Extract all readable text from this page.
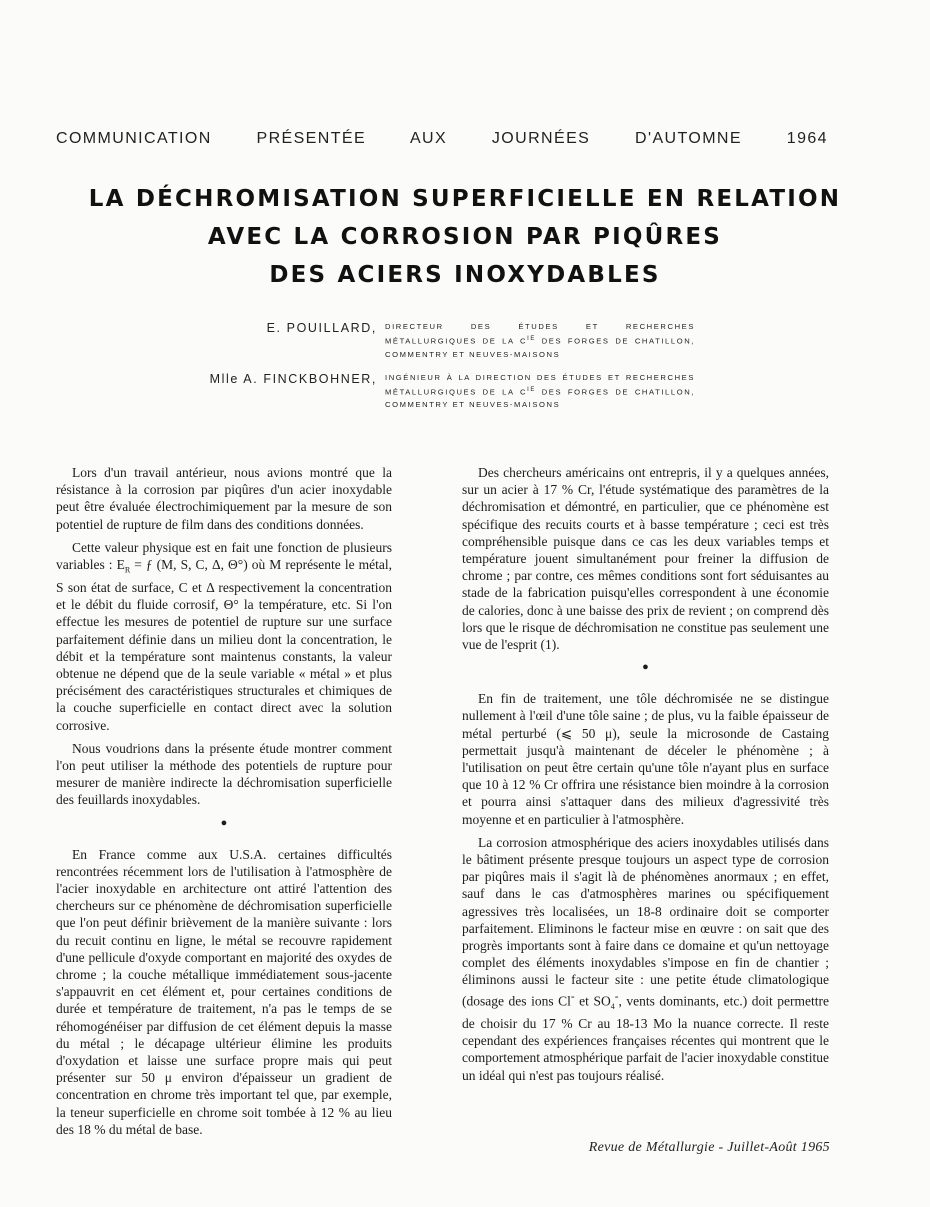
COMMUNICATION PRÉSENTÉE AUX JOURNÉES D'AUTOMNE 1964
LA DÉCHROMISATION SUPERFICIELLE EN RELATION
AVEC LA CORROSION PAR PIQÛRES
DES ACIERS INOXYDABLES
E. POUILLARD,	DIRECTEUR DES ÉTUDES ET RECHERCHES MÉTALLURGIQUES DE LA $C^{IE}$ DES FORGES DE CHATILLON, COMMENTRY ET NEUVES-MAISONS
Mlle A. FINCKBOHNER,	INGÉNIEUR À LA DIRECTION DES ÉTUDES ET RECHERCHES MÉTALLURGIQUES DE LA $C^{IE}$ DES FORGES DE CHATILLON, COMMENTRY ET NEUVES-MAISONS

Lors d'un travail antérieur, nous avions montré que la résistance à la corrosion par piqûres d'un acier inoxydable peut être évaluée électrochimiquement par la mesure de son potentiel de rupture de film dans des conditions données.

Cette valeur physique est en fait une fonction de plusieurs variables : $E_R$ = ƒ (M, S, C, Δ, Θ°) où M représente le métal, S son état de surface, C et Δ respectivement la concentration et le débit du fluide corrosif, Θ° la température, etc. Si l'on effectue les mesures de potentiel de rupture sur une surface parfaitement définie dans un milieu dont la concentration, le débit et la température sont maintenus constants, la valeur obtenue ne dépend que de la seule variable « métal » et plus précisément des caractéristiques structurales et chimiques de la couche superficielle en contact direct avec la solution corrosive.

Nous voudrions dans la présente étude montrer comment l'on peut utiliser la méthode des potentiels de rupture pour mesurer de manière indirecte la déchromisation superficielle des feuillards inoxydables.

●

En France comme aux U.S.A. certaines difficultés rencontrées récemment lors de l'utilisation à l'atmosphère de l'acier inoxydable en architecture ont attiré l'attention des chercheurs sur ce phénomène de déchromisation superficielle que l'on peut définir brièvement de la manière suivante : lors du recuit continu en ligne, le métal se recouvre rapidement d'une pellicule d'oxyde comportant en majorité des oxydes de chrome ; la couche métallique immédiatement sous-jacente s'appauvrit en cet élément et, pour certaines conditions de durée et température de traitement, n'a pas le temps de se réhomogénéiser par diffusion de cet élément depuis la masse du métal ; le décapage ultérieur élimine les produits d'oxydation et laisse une surface propre mais qui peut présenter sur 50 μ environ d'épaisseur un gradient de concentration en chrome très important tel que, par exemple, la teneur superficielle en chrome soit tombée à 12 % au lieu des 18 % du métal de base.

Des chercheurs américains ont entrepris, il y a quelques années, sur un acier à 17 % Cr, l'étude systématique des paramètres de la déchromisation et démontré, en particulier, que ce phénomène est spécifique des recuits courts et à basse température ; ceci est très compréhensible puisque dans ce cas les deux variables temps et température jouent simultanément pour freiner la diffusion de chrome ; par contre, ces mêmes conditions sont fort séduisantes au stade de la fabrication puisqu'elles correspondent à une économie de calories, donc à une baisse des prix de revient ; on comprend dès lors que le risque de déchromisation ne constitue pas seulement une vue de l'esprit (1).

●

En fin de traitement, une tôle déchromisée ne se distingue nullement à l'œil d'une tôle saine ; de plus, vu la faible épaisseur de métal perturbé (⩽ 50 μ), seule la microsonde de Castaing permettait jusqu'à maintenant de déceler le phénomène ; à l'utilisation on peut être certain qu'une tôle n'ayant plus en surface que 10 à 12 % Cr offrira une résistance bien moindre à la corrosion et pourra ainsi s'attaquer dans des milieux d'agressivité très moyenne et en particulier à l'atmosphère.

La corrosion atmosphérique des aciers inoxydables utilisés dans le bâtiment présente presque toujours un aspect type de corrosion par piqûres mais il s'agit là de phénomènes anormaux ; en effet, sauf dans le cas d'atmosphères marines ou spécifiquement agressives très localisées, un 18-8 ordinaire doit se comporter parfaitement. Eliminons le facteur mise en œuvre : on sait que des progrès importants sont à faire dans ce domaine et qu'un nettoyage complet des éléments inoxydables s'impose en fin de chantier ; éliminons aussi le facteur site : une petite étude climatologique (dosage des ions Cl- et $SO_4^-$, vents dominants, etc.) doit permettre de choisir du 17 % Cr au 18-13 Mo la nuance correcte. Il reste cependant des expériences françaises récentes qui montrent que le comportement atmosphérique parfait de l'acier inoxydable constitue un idéal qui n'est pas toujours réalisé.

Revue de Métallurgie - Juillet-Août 1965
